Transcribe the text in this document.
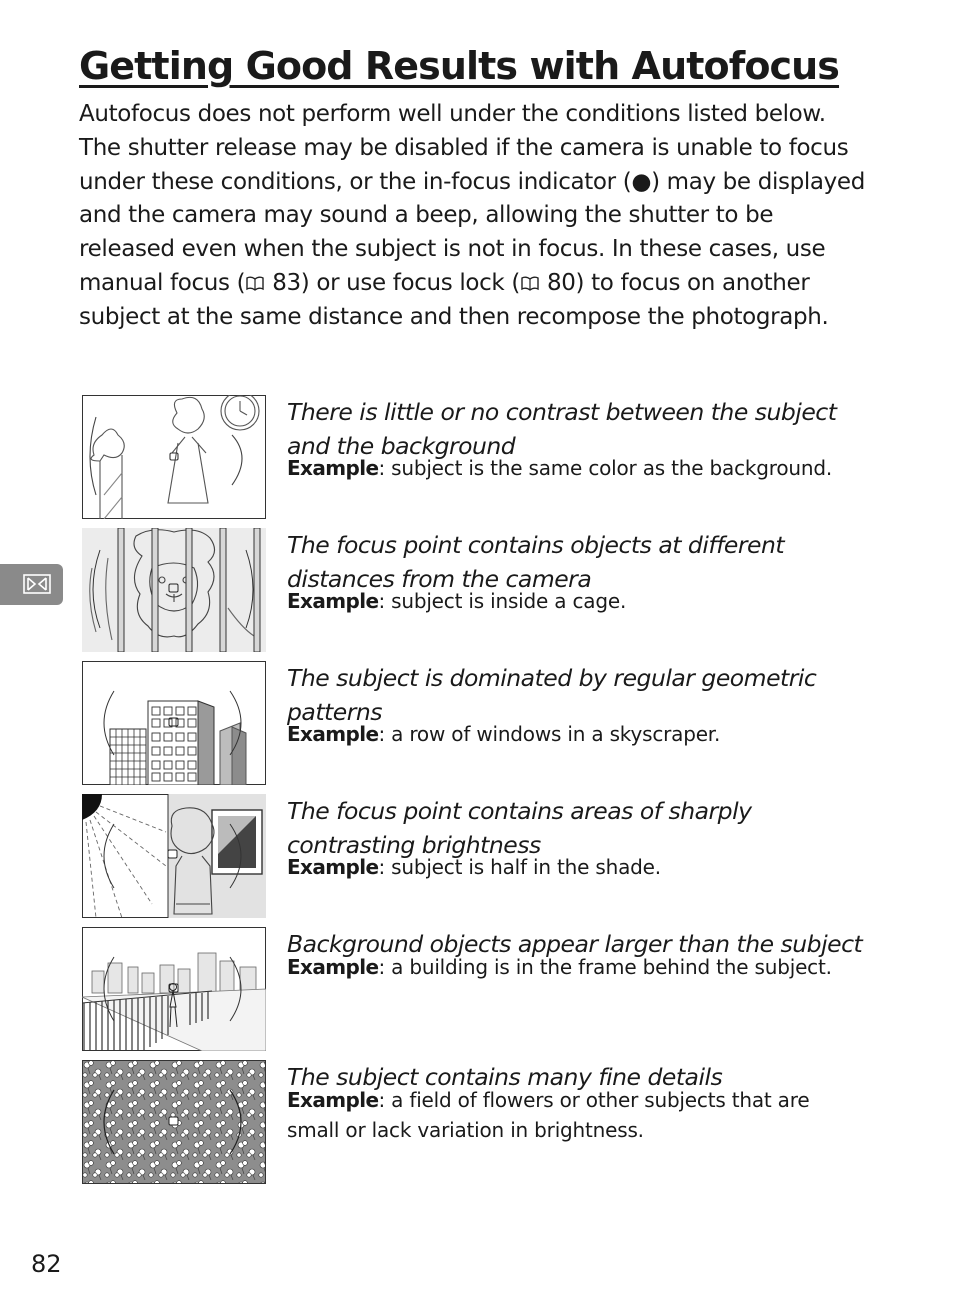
Getting Good Results with Autofocus

Autofocus does not perform well under the conditions listed below. The shutter release may be disabled if the camera is unable to focus under these conditions, or the in-focus indicator (●) may be displayed and the camera may sound a beep, allowing the shutter to be released even when the subject is not in focus. In these cases, use manual focus ( 83) or use focus lock ( 80) to focus on another subject at the same distance and then recompose the photograph.

There is little or no contrast between the subject
and the background

Example: subject is the same color as the background.

The focus point contains objects at different
distances from the camera

Example: subject is inside a cage.

The subject is dominated by regular geometric
patterns

Example: a row of windows in a skyscraper.

The focus point contains areas of sharply
contrasting brightness

Example: subject is half in the shade.

Background objects appear larger than the subject

Example: a building is in the frame behind the subject.

The subject contains many fine details

Example: a field of flowers or other subjects that are
small or lack variation in brightness.

82
